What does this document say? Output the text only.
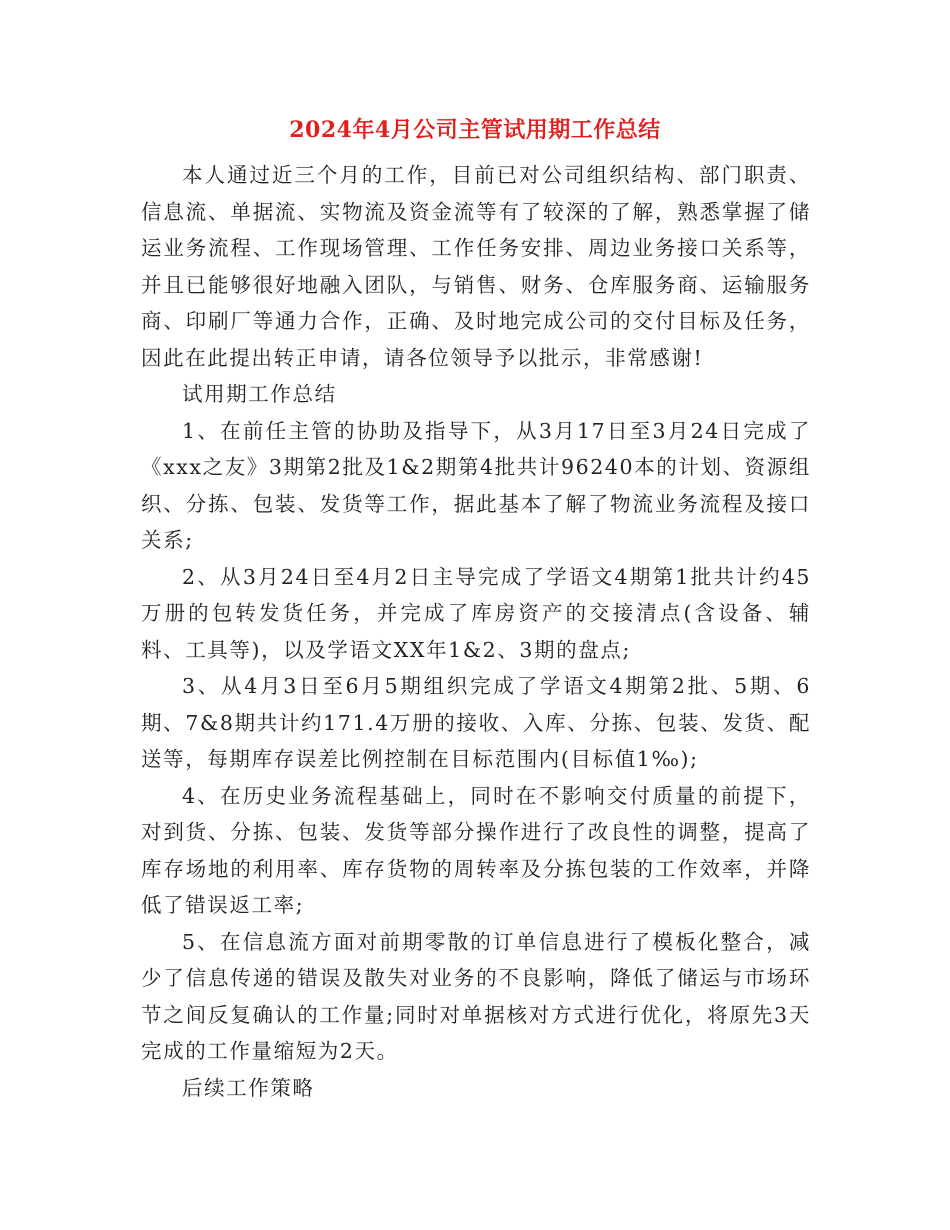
2024年4月公司主管试用期工作总结

本人通过近三个月的工作，目前已对公司组织结构、部门职责、信息流、单据流、实物流及资金流等有了较深的了解，熟悉掌握了储运业务流程、工作现场管理、工作任务安排、周边业务接口关系等，并且已能够很好地融入团队，与销售、财务、仓库服务商、运输服务商、印刷厂等通力合作，正确、及时地完成公司的交付目标及任务，因此在此提出转正申请，请各位领导予以批示，非常感谢!

试用期工作总结

1、在前任主管的协助及指导下，从3月17日至3月24日完成了《xxx之友》3期第2批及1&2期第4批共计96240本的计划、资源组织、分拣、包装、发货等工作，据此基本了解了物流业务流程及接口关系;

2、从3月24日至4月2日主导完成了学语文4期第1批共计约45万册的包转发货任务，并完成了库房资产的交接清点(含设备、辅料、工具等)，以及学语文XX年1&2、3期的盘点;

3、从4月3日至6月5期组织完成了学语文4期第2批、5期、6期、7&8期共计约171.4万册的接收、入库、分拣、包装、发货、配送等，每期库存误差比例控制在目标范围内(目标值1‰);

4、在历史业务流程基础上，同时在不影响交付质量的前提下，对到货、分拣、包装、发货等部分操作进行了改良性的调整，提高了库存场地的利用率、库存货物的周转率及分拣包装的工作效率，并降低了错误返工率;

5、在信息流方面对前期零散的订单信息进行了模板化整合，减少了信息传递的错误及散失对业务的不良影响，降低了储运与市场环节之间反复确认的工作量;同时对单据核对方式进行优化，将原先3天完成的工作量缩短为2天。

后续工作策略
